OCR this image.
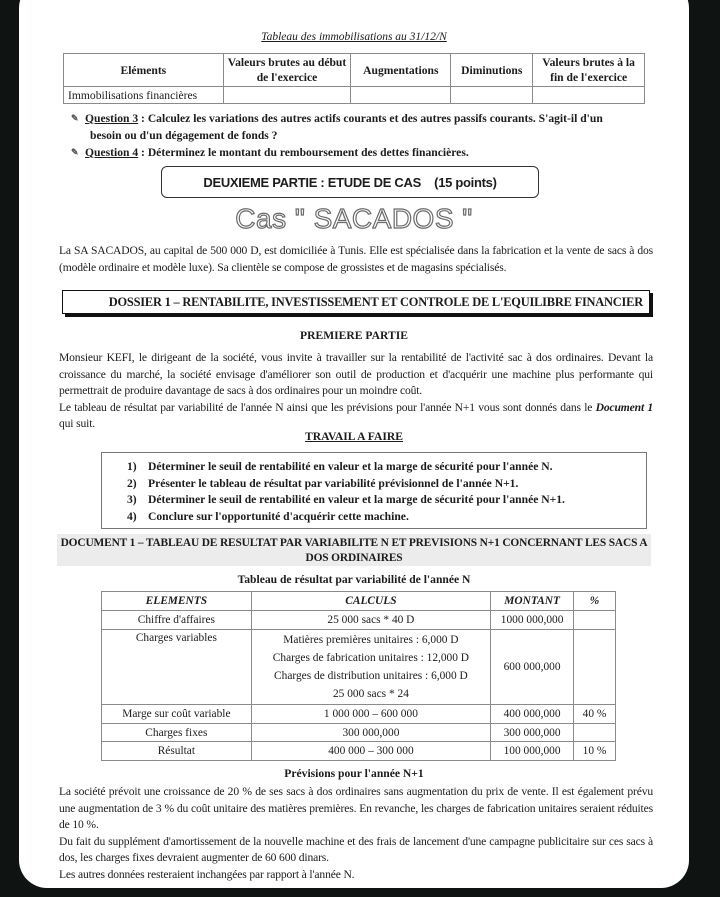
Tableau des immobilisations au 31/12/N
Eléments	Valeurs brutes au début de l'exercice	Augmentations	Diminutions	Valeurs brutes à la fin de l'exercice
Immobilisations financières				
✎ Question 3 : Calculez les variations des autres actifs courants et des autres passifs courants. S'agit-il d'un
besoin ou d'un dégagement de fonds ?
✎ Question 4 : Déterminez le montant du remboursement des dettes financières.
DEUXIEME PARTIE : ETUDE DE CAS    (15 points)
Cas " SACADOS "
La SA SACADOS, au capital de 500 000 D, est domiciliée à Tunis. Elle est spécialisée dans la fabrication et la vente de sacs à dos (modèle ordinaire et modèle luxe). Sa clientèle se compose de grossistes et de magasins spécialisés.
DOSSIER 1 – RENTABILITE, INVESTISSEMENT ET CONTROLE DE L'EQUILIBRE FINANCIER
PREMIERE PARTIE
Monsieur KEFI, le dirigeant de la société, vous invite à travailler sur la rentabilité de l'activité sac à dos ordinaires. Devant la croissance du marché, la société envisage d'améliorer son outil de production et d'acquérir une machine plus performante qui permettrait de produire davantage de sacs à dos ordinaires pour un moindre coût.
Le tableau de résultat par variabilité de l'année N ainsi que les prévisions pour l'année N+1 vous sont donnés dans le Document 1 qui suit.
TRAVAIL A FAIRE
1) Déterminer le seuil de rentabilité en valeur et la marge de sécurité pour l'année N.
2) Présenter le tableau de résultat par variabilité prévisionnel de l'année N+1.
3) Déterminer le seuil de rentabilité en valeur et la marge de sécurité pour l'année N+1.
4) Conclure sur l'opportunité d'acquérir cette machine.
DOCUMENT 1 – TABLEAU DE RESULTAT PAR VARIABILITE N ET PREVISIONS N+1 CONCERNANT LES SACS A
DOS ORDINAIRES
Tableau de résultat par variabilité de l'année N
ELEMENTS	CALCULS	MONTANT	%
Chiffre d'affaires	25 000 sacs * 40 D	1000 000,000	
Charges variables	Matières premières unitaires : 6,000 D
Charges de fabrication unitaires : 12,000 D
Charges de distribution unitaires : 6,000 D
25 000 sacs * 24	600 000,000	
Marge sur coût variable	1 000 000 – 600 000	400 000,000	40 %
Charges fixes	300 000,000	300 000,000	
Résultat	400 000 – 300 000	100 000,000	10 %
Prévisions pour l'année N+1

La société prévoit une croissance de 20 % de ses sacs à dos ordinaires sans augmentation du prix de vente. Il est également prévu une augmentation de 3 % du coût unitaire des matières premières. En revanche, les charges de fabrication unitaires seraient réduites de 10 %.

Du fait du supplément d'amortissement de la nouvelle machine et des frais de lancement d'une campagne publicitaire sur ces sacs à dos, les charges fixes devraient augmenter de 60 600 dinars.

Les autres données resteraient inchangées par rapport à l'année N.
